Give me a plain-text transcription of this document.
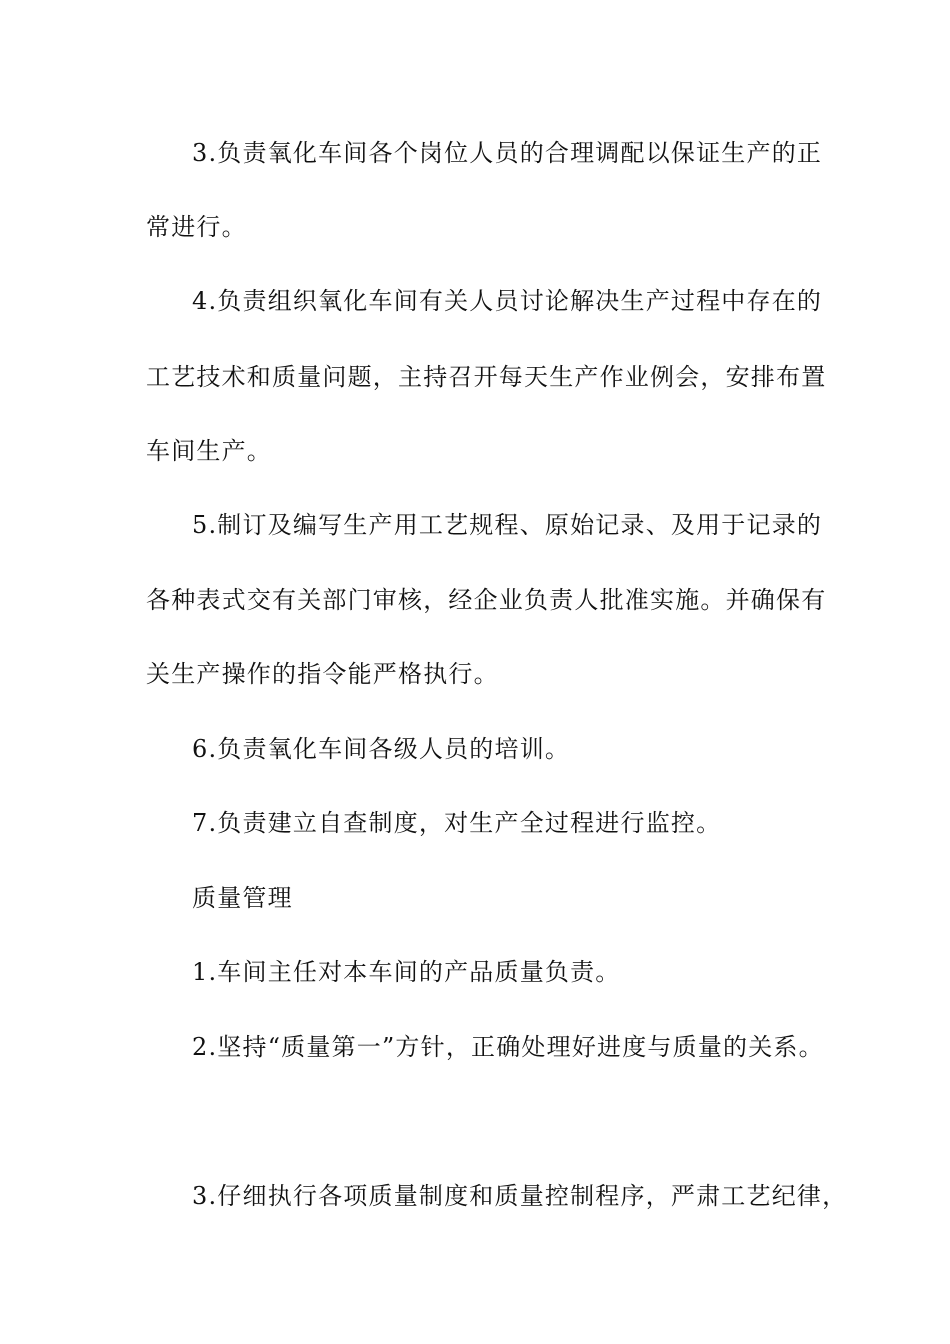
3.负责氧化车间各个岗位人员的合理调配以保证生产的正
常进行。
4.负责组织氧化车间有关人员讨论解决生产过程中存在的
工艺技术和质量问题，主持召开每天生产作业例会，安排布置
车间生产。
5.制订及编写生产用工艺规程、原始记录、及用于记录的
各种表式交有关部门审核，经企业负责人批准实施。并确保有
关生产操作的指令能严格执行。
6.负责氧化车间各级人员的培训。
7.负责建立自查制度，对生产全过程进行监控。
质量管理
1.车间主任对本车间的产品质量负责。
2.坚持“质量第一”方针，正确处理好进度与质量的关系。
3.仔细执行各项质量制度和质量控制程序，严肃工艺纪律，
